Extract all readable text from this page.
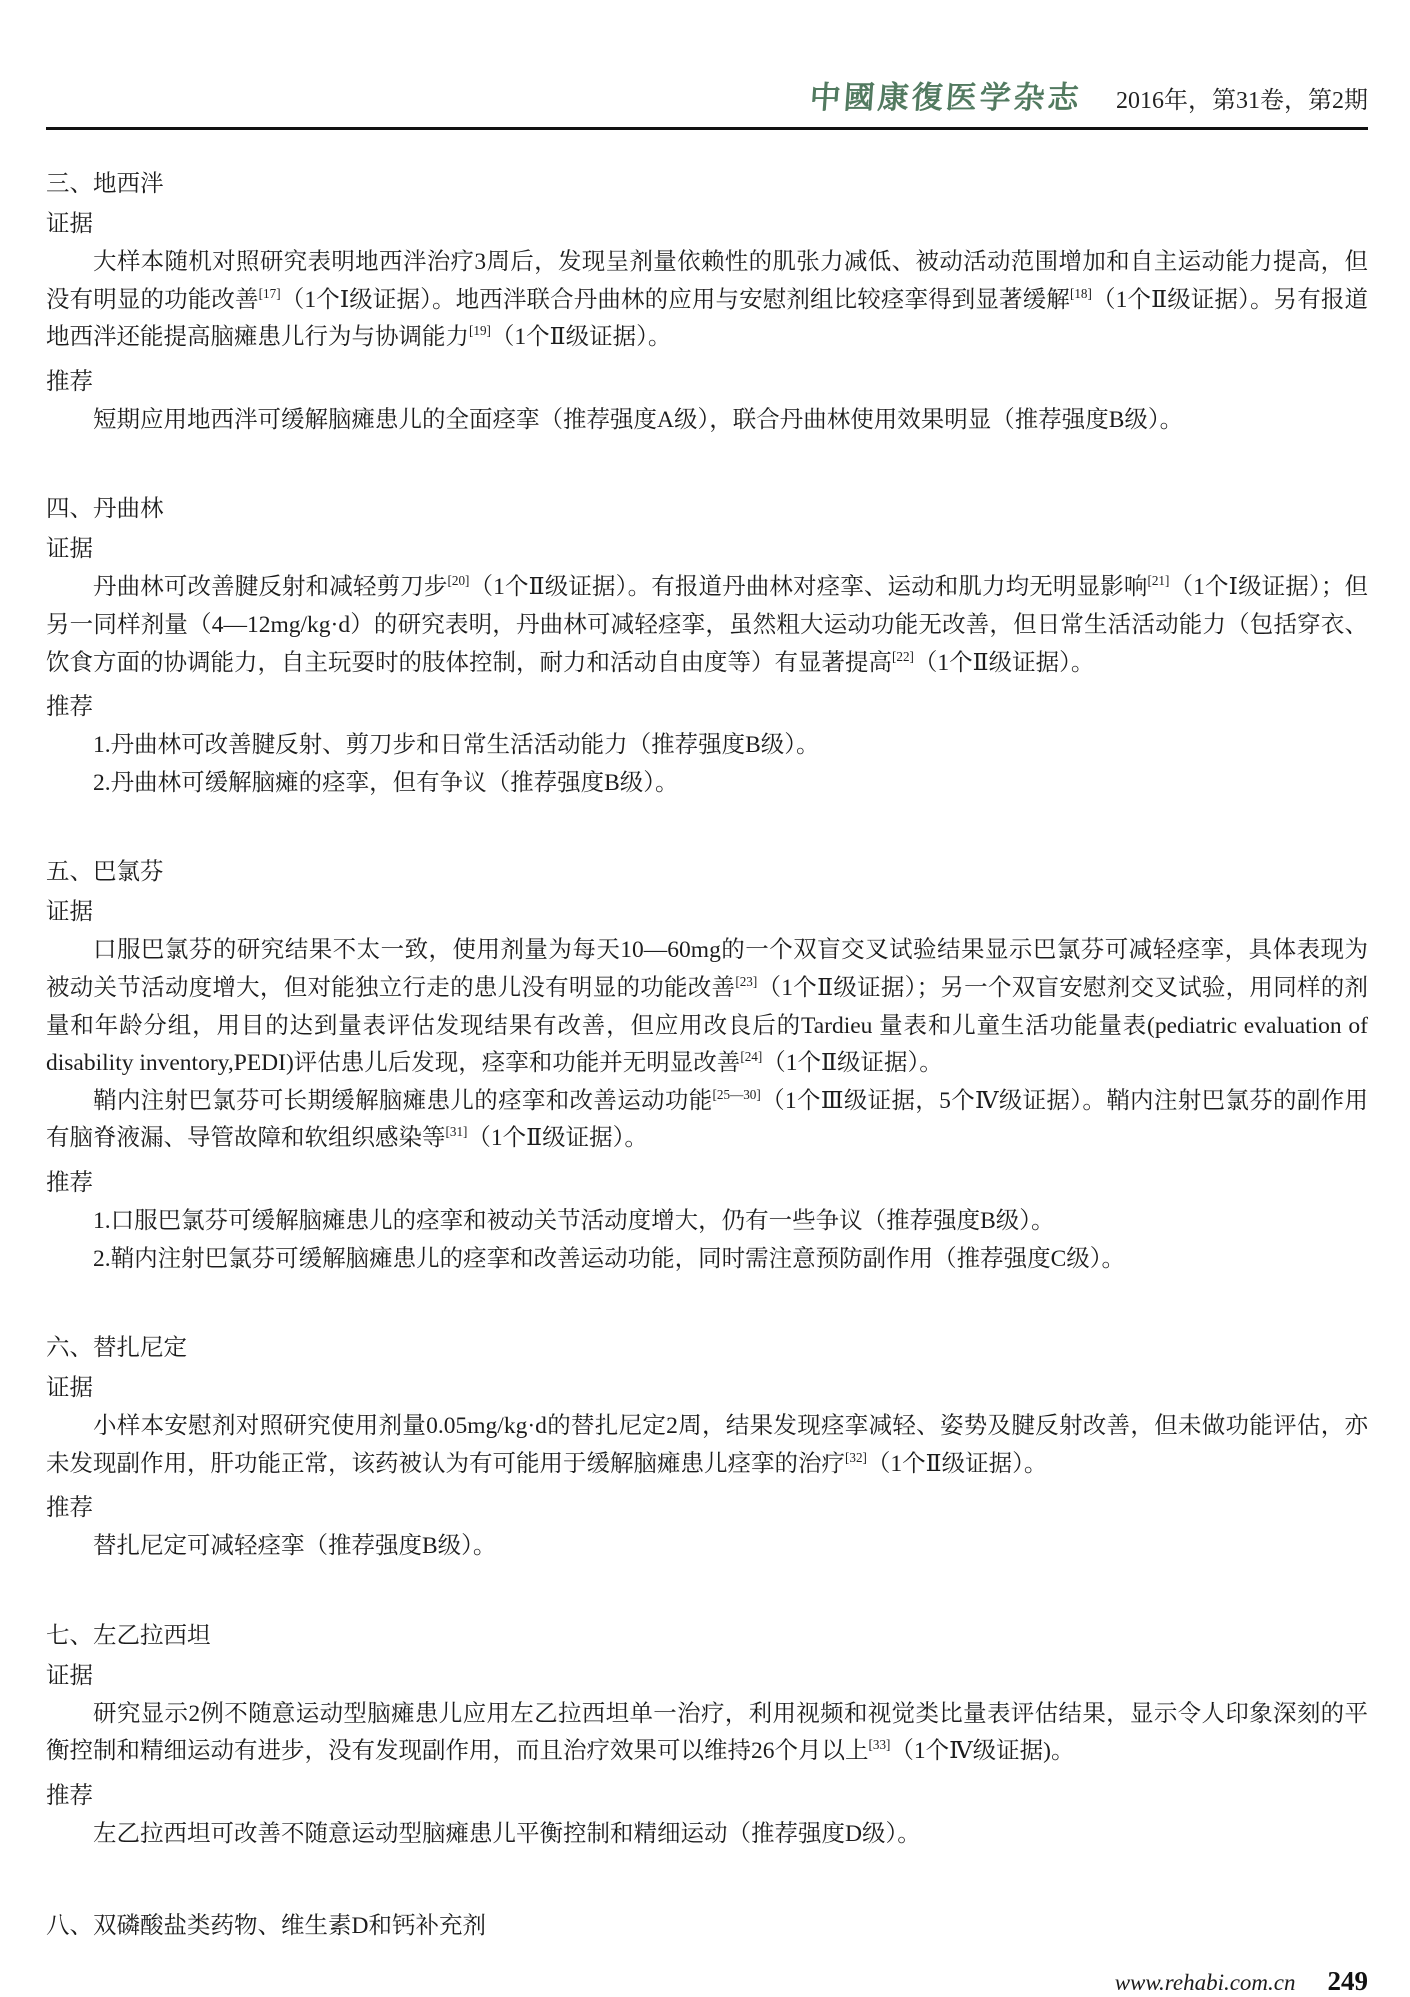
中國康復医学杂志 2016年，第31卷，第2期

三、地西泮

证据

大样本随机对照研究表明地西泮治疗3周后，发现呈剂量依赖性的肌张力减低、被动活动范围增加和自主运动能力提高，但没有明显的功能改善[17]（1个Ⅰ级证据）。地西泮联合丹曲林的应用与安慰剂组比较痉挛得到显著缓解[18]（1个Ⅱ级证据）。另有报道地西泮还能提高脑瘫患儿行为与协调能力[19]（1个Ⅱ级证据）。

推荐

短期应用地西泮可缓解脑瘫患儿的全面痉挛（推荐强度A级），联合丹曲林使用效果明显（推荐强度B级）。

四、丹曲林

证据

丹曲林可改善腱反射和减轻剪刀步[20]（1个Ⅱ级证据）。有报道丹曲林对痉挛、运动和肌力均无明显影响[21]（1个Ⅰ级证据）；但另一同样剂量（4—12mg/kg·d）的研究表明，丹曲林可减轻痉挛，虽然粗大运动功能无改善，但日常生活活动能力（包括穿衣、饮食方面的协调能力，自主玩耍时的肢体控制，耐力和活动自由度等）有显著提高[22]（1个Ⅱ级证据）。

推荐

1.丹曲林可改善腱反射、剪刀步和日常生活活动能力（推荐强度B级）。

2.丹曲林可缓解脑瘫的痉挛，但有争议（推荐强度B级）。

五、巴氯芬

证据

口服巴氯芬的研究结果不太一致，使用剂量为每天10—60mg的一个双盲交叉试验结果显示巴氯芬可减轻痉挛，具体表现为被动关节活动度增大，但对能独立行走的患儿没有明显的功能改善[23]（1个Ⅱ级证据）；另一个双盲安慰剂交叉试验，用同样的剂量和年龄分组，用目的达到量表评估发现结果有改善，但应用改良后的Tardieu 量表和儿童生活功能量表(pediatric evaluation of disability inventory,PEDI)评估患儿后发现，痉挛和功能并无明显改善[24]（1个Ⅱ级证据）。

鞘内注射巴氯芬可长期缓解脑瘫患儿的痉挛和改善运动功能[25—30]（1个Ⅲ级证据，5个Ⅳ级证据）。鞘内注射巴氯芬的副作用有脑脊液漏、导管故障和软组织感染等[31]（1个Ⅱ级证据）。

推荐

1.口服巴氯芬可缓解脑瘫患儿的痉挛和被动关节活动度增大，仍有一些争议（推荐强度B级）。

2.鞘内注射巴氯芬可缓解脑瘫患儿的痉挛和改善运动功能，同时需注意预防副作用（推荐强度C级）。

六、替扎尼定

证据

小样本安慰剂对照研究使用剂量0.05mg/kg·d的替扎尼定2周，结果发现痉挛减轻、姿势及腱反射改善，但未做功能评估，亦未发现副作用，肝功能正常，该药被认为有可能用于缓解脑瘫患儿痉挛的治疗[32]（1个Ⅱ级证据）。

推荐

替扎尼定可减轻痉挛（推荐强度B级）。

七、左乙拉西坦

证据

研究显示2例不随意运动型脑瘫患儿应用左乙拉西坦单一治疗，利用视频和视觉类比量表评估结果，显示令人印象深刻的平衡控制和精细运动有进步，没有发现副作用，而且治疗效果可以维持26个月以上[33]（1个Ⅳ级证据)。

推荐

左乙拉西坦可改善不随意运动型脑瘫患儿平衡控制和精细运动（推荐强度D级）。

八、双磷酸盐类药物、维生素D和钙补充剂

www.rehabi.com.cn 249
